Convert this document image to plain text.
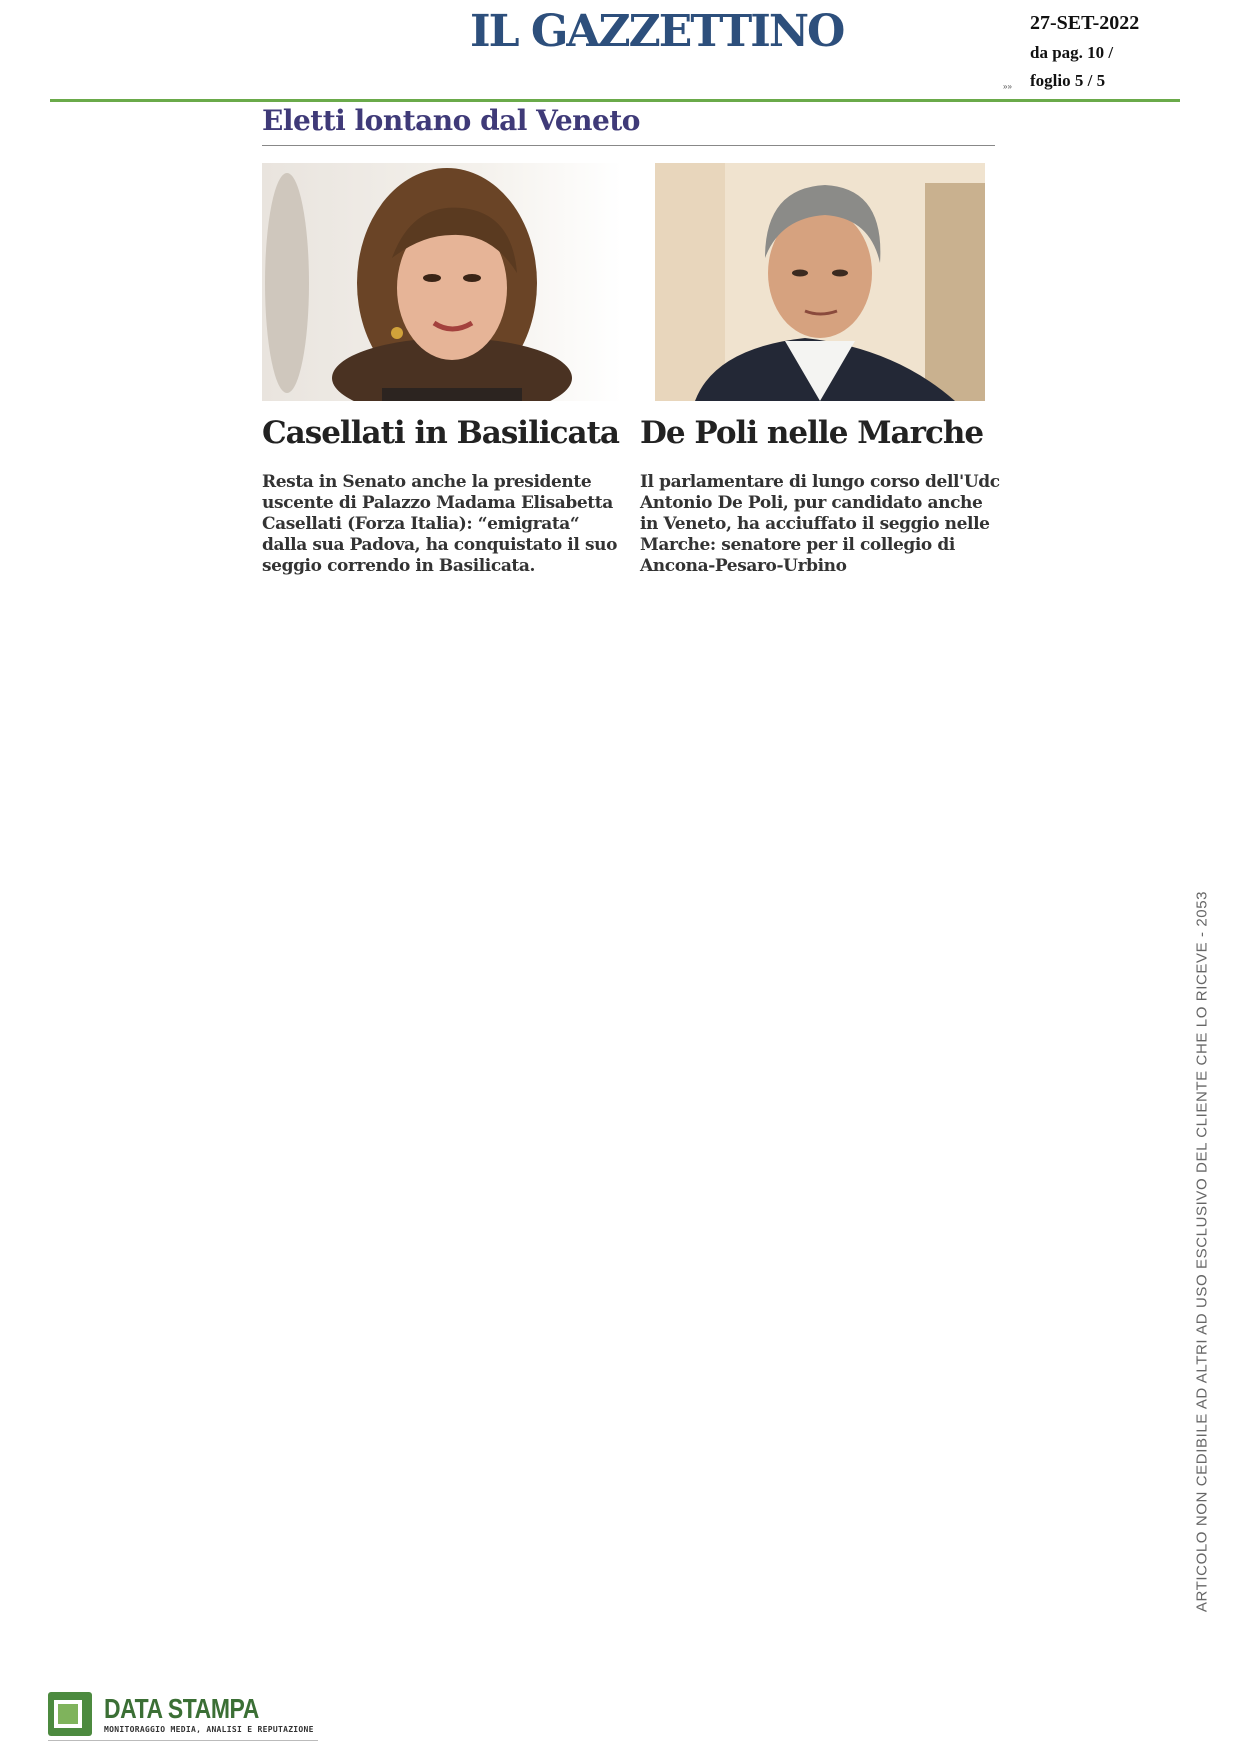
IL GAZZETTINO	27-SET-2022
da pag. 10 /
foglio 5 / 5
»»
Eletti lontano dal Veneto
Casellati in Basilicata De Poli nelle Marche
Resta in Senato anche la presidente uscente di Palazzo Madama Elisabetta Casellati (Forza Italia): “emigrata“ dalla sua Padova, ha conquistato il suo seggio correndo in Basilicata.
Il parlamentare di lungo corso dell'Udc Antonio De Poli, pur candidato anche in Veneto, ha acciuffato il seggio nelle Marche: senatore per il collegio di Ancona-Pesaro-Urbino
ARTICOLO NON CEDIBILE AD ALTRI AD USO ESCLUSIVO DEL CLIENTE CHE LO RICEVE - 2053
DATA STAMPA
MONITORAGGIO MEDIA, ANALISI E REPUTAZIONE
